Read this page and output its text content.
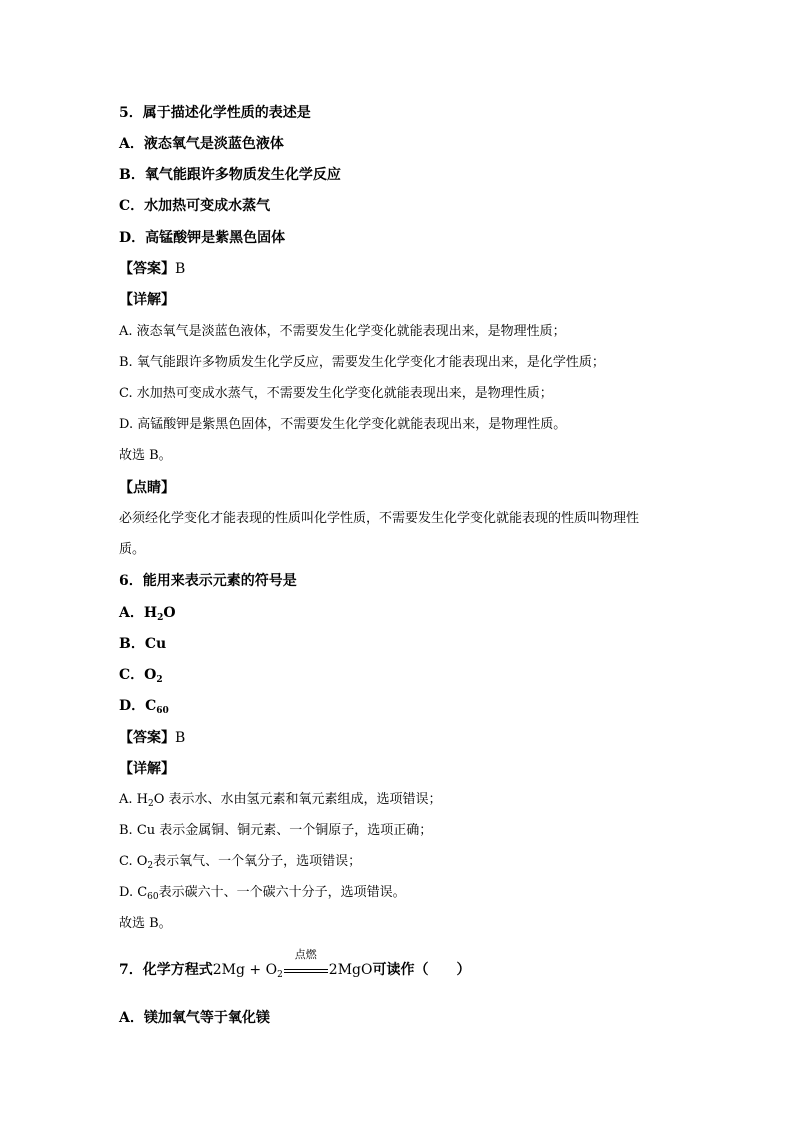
5．属于描述化学性质的表述是
A．液态氧气是淡蓝色液体
B．氧气能跟许多物质发生化学反应
C．水加热可变成水蒸气
D．高锰酸钾是紫黑色固体
【答案】B
【详解】
A. 液态氧气是淡蓝色液体，不需要发生化学变化就能表现出来，是物理性质；
B. 氧气能跟许多物质发生化学反应，需要发生化学变化才能表现出来，是化学性质；
C. 水加热可变成水蒸气，不需要发生化学变化就能表现出来，是物理性质；
D. 高锰酸钾是紫黑色固体，不需要发生化学变化就能表现出来，是物理性质。
故选 B。
【点睛】
必须经化学变化才能表现的性质叫化学性质，不需要发生化学变化就能表现的性质叫物理性
质。
6．能用来表示元素的符号是
A．$H_2O$
B．Cu
C．$O_2$
D．$C_{60}$
【答案】B
【详解】
A. $H_2O$ 表示水、水由氢元素和氧元素组成，选项错误；
B. Cu 表示金属铜、铜元素、一个铜原子，选项正确；
C. $O_2$表示氧气、一个氧分子，选项错误；
D. $C_{60}$表示碳六十、一个碳六十分子，选项错误。
故选 B。
7．化学方程式$2Mg + O_2$
点燃
2MgO可读作（　　）
A．镁加氧气等于氧化镁
